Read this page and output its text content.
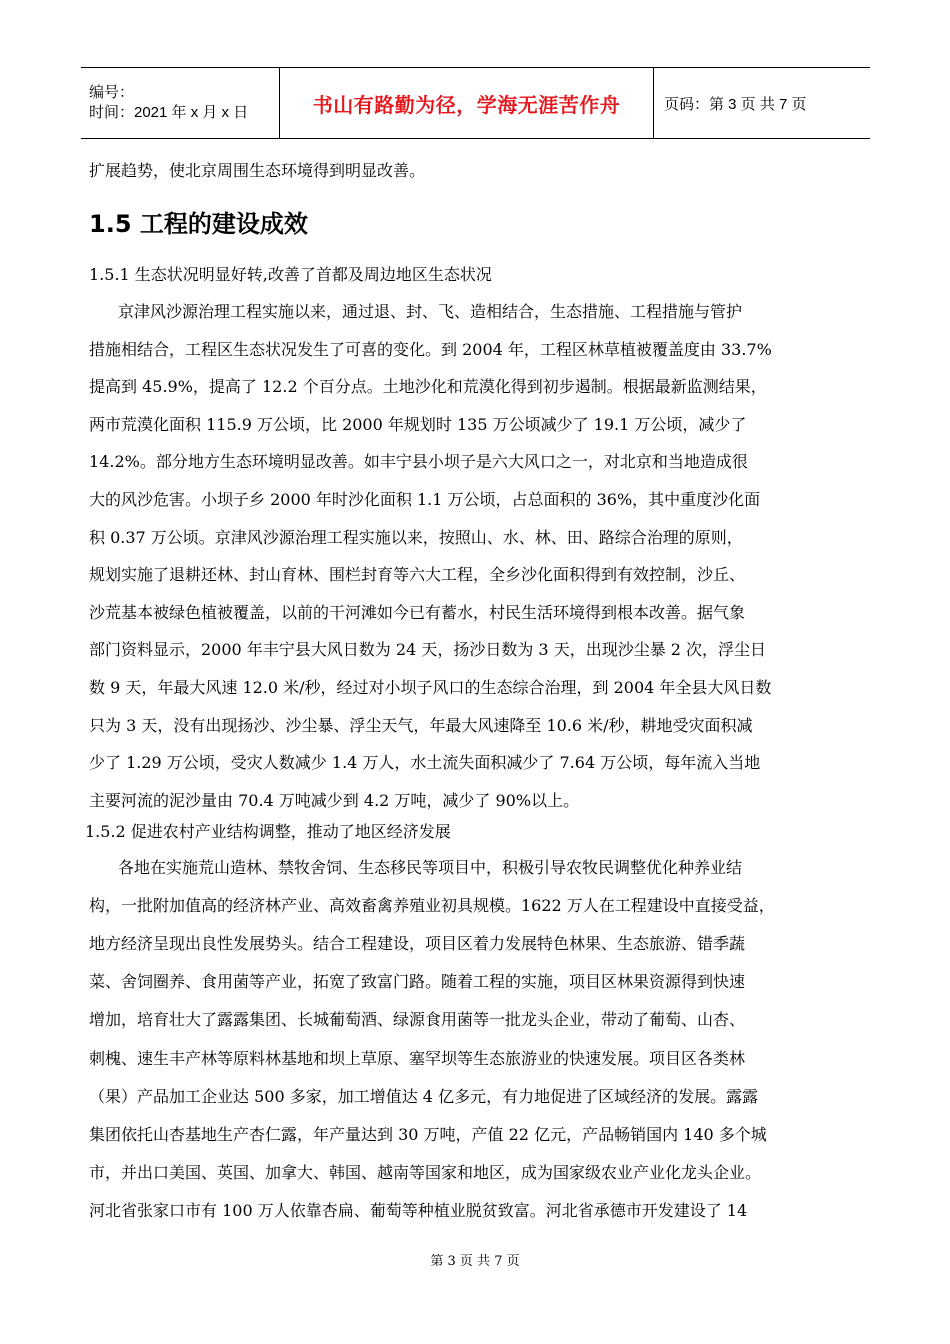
编号：
时间：2021 年 x 月 x 日	书山有路勤为径，学海无涯苦作舟	页码：第 3 页 共 7 页
扩展趋势，使北京周围生态环境得到明显改善。
1.5 工程的建设成效
1.5.1 生态状况明显好转,改善了首都及周边地区生态状况
京津风沙源治理工程实施以来，通过退、封、飞、造相结合，生态措施、工程措施与管护
措施相结合，工程区生态状况发生了可喜的变化。到 2004 年，工程区林草植被覆盖度由 33.7%
提高到 45.9%，提高了 12.2 个百分点。土地沙化和荒漠化得到初步遏制。根据最新监测结果，
两市荒漠化面积 115.9 万公顷，比 2000 年规划时 135 万公顷减少了 19.1 万公顷，减少了
14.2%。部分地方生态环境明显改善。如丰宁县小坝子是六大风口之一，对北京和当地造成很
大的风沙危害。小坝子乡 2000 年时沙化面积 1.1 万公顷，占总面积的 36%，其中重度沙化面
积 0.37 万公顷。京津风沙源治理工程实施以来，按照山、水、林、田、路综合治理的原则，
规划实施了退耕还林、封山育林、围栏封育等六大工程，全乡沙化面积得到有效控制，沙丘、
沙荒基本被绿色植被覆盖，以前的干河滩如今已有蓄水，村民生活环境得到根本改善。据气象
部门资料显示，2000 年丰宁县大风日数为 24 天，扬沙日数为 3 天，出现沙尘暴 2 次，浮尘日
数 9 天，年最大风速 12.0 米/秒，经过对小坝子风口的生态综合治理，到 2004 年全县大风日数
只为 3 天，没有出现扬沙、沙尘暴、浮尘天气，年最大风速降至 10.6 米/秒，耕地受灾面积减
少了 1.29 万公顷，受灾人数减少 1.4 万人，水土流失面积减少了 7.64 万公顷，每年流入当地
主要河流的泥沙量由 70.4 万吨减少到 4.2 万吨，减少了 90%以上。
1.5.2 促进农村产业结构调整，推动了地区经济发展
各地在实施荒山造林、禁牧舍饲、生态移民等项目中，积极引导农牧民调整优化种养业结
构，一批附加值高的经济林产业、高效畜禽养殖业初具规模。1622 万人在工程建设中直接受益，
地方经济呈现出良性发展势头。结合工程建设，项目区着力发展特色林果、生态旅游、错季蔬
菜、舍饲圈养、食用菌等产业，拓宽了致富门路。随着工程的实施，项目区林果资源得到快速
增加，培育壮大了露露集团、长城葡萄酒、绿源食用菌等一批龙头企业，带动了葡萄、山杏、
刺槐、速生丰产林等原料林基地和坝上草原、塞罕坝等生态旅游业的快速发展。项目区各类林
（果）产品加工企业达 500 多家，加工增值达 4 亿多元，有力地促进了区域经济的发展。露露
集团依托山杏基地生产杏仁露，年产量达到 30 万吨，产值 22 亿元，产品畅销国内 140 多个城
市，并出口美国、英国、加拿大、韩国、越南等国家和地区，成为国家级农业产业化龙头企业。
河北省张家口市有 100 万人依靠杏扁、葡萄等种植业脱贫致富。河北省承德市开发建设了 14
第 3 页 共 7 页
